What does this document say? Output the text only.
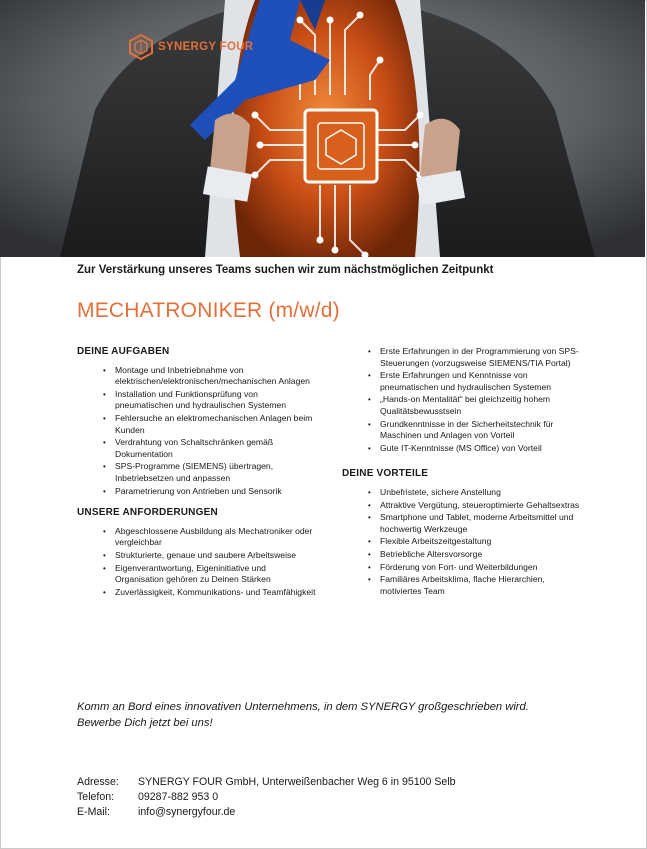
SYNERGY FOUR
Zur Verstärkung unseres Teams suchen wir zum nächstmöglichen Zeitpunkt
MECHATRONIKER (m/w/d)
DEINE AUFGABEN
• Montage und Inbetriebnahme von elektrischen/elektronischen/mechanischen Anlagen
• Installation und Funktionsprüfung von pneumatischen und hydraulischen Systemen
• Fehlersuche an elektromechanischen Anlagen beim Kunden
• Verdrahtung von Schaltschränken gemäß Dokumentation
• SPS-Programme (SIEMENS) übertragen, Inbetriebsetzen und anpassen
• Parametrierung von Antrieben und Sensorik
UNSERE ANFORDERUNGEN
• Abgeschlossene Ausbildung als Mechatroniker oder vergleichbar
• Strukturierte, genaue und saubere Arbeitsweise
• Eigenverantwortung, Eigeninitiative und Organisation gehören zu Deinen Stärken
• Zuverlässigkeit, Kommunikations- und Teamfähigkeit
• Erste Erfahrungen in der Programmierung von SPS-Steuerungen (vorzugsweise SIEMENS/TIA Portal)
• Erste Erfahrungen und Kenntnisse von pneumatischen und hydraulischen Systemen
• „Hands-on Mentalität“ bei gleichzeitig hohem Qualitätsbewusstsein
• Grundkenntnisse in der Sicherheitstechnik für Maschinen und Anlagen von Vorteil
• Gute IT-Kenntnisse (MS Office) von Vorteil
DEINE VORTEILE
• Unbefristete, sichere Anstellung
• Attraktive Vergütung, steueroptimierte Gehaltsextras
• Smartphone und Tablet, moderne Arbeitsmittel und hochwertig Werkzeuge
• Flexible Arbeitszeitgestaltung
• Betriebliche Altersvorsorge
• Förderung von Fort- und Weiterbildungen
• Familiäres Arbeitsklima, flache Hierarchien, motiviertes Team
Komm an Bord eines innovativen Unternehmens, in dem SYNERGY großgeschrieben wird.
Bewerbe Dich jetzt bei uns!
Adresse:	SYNERGY FOUR GmbH, Unterweißenbacher Weg 6 in 95100 Selb
Telefon:	09287-882 953 0
E-Mail:	info@synergyfour.de
